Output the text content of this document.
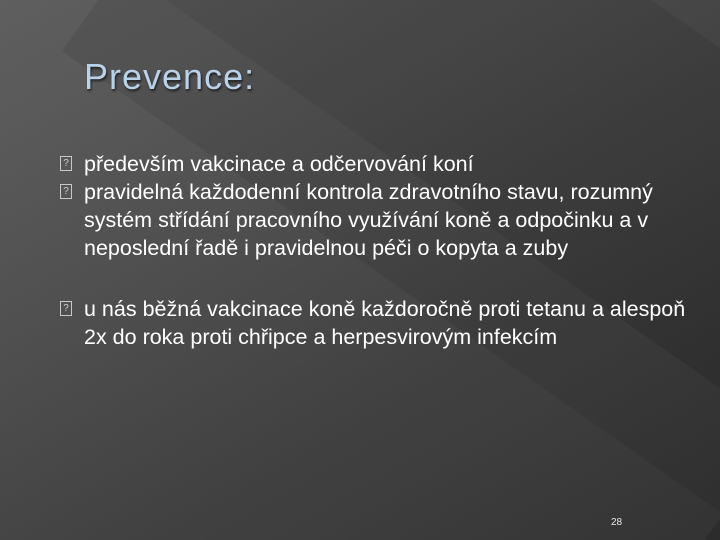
Prevence:
? především vakcinace a odčervování koní
? pravidelná každodenní kontrola zdravotního stavu, rozumný systém střídání pracovního využívání koně a odpočinku a v neposlední řadě i pravidelnou péči o kopyta a zuby
? u nás běžná vakcinace koně každoročně proti tetanu a alespoň 2x do roka proti chřipce a herpesvirovým infekcím
28
